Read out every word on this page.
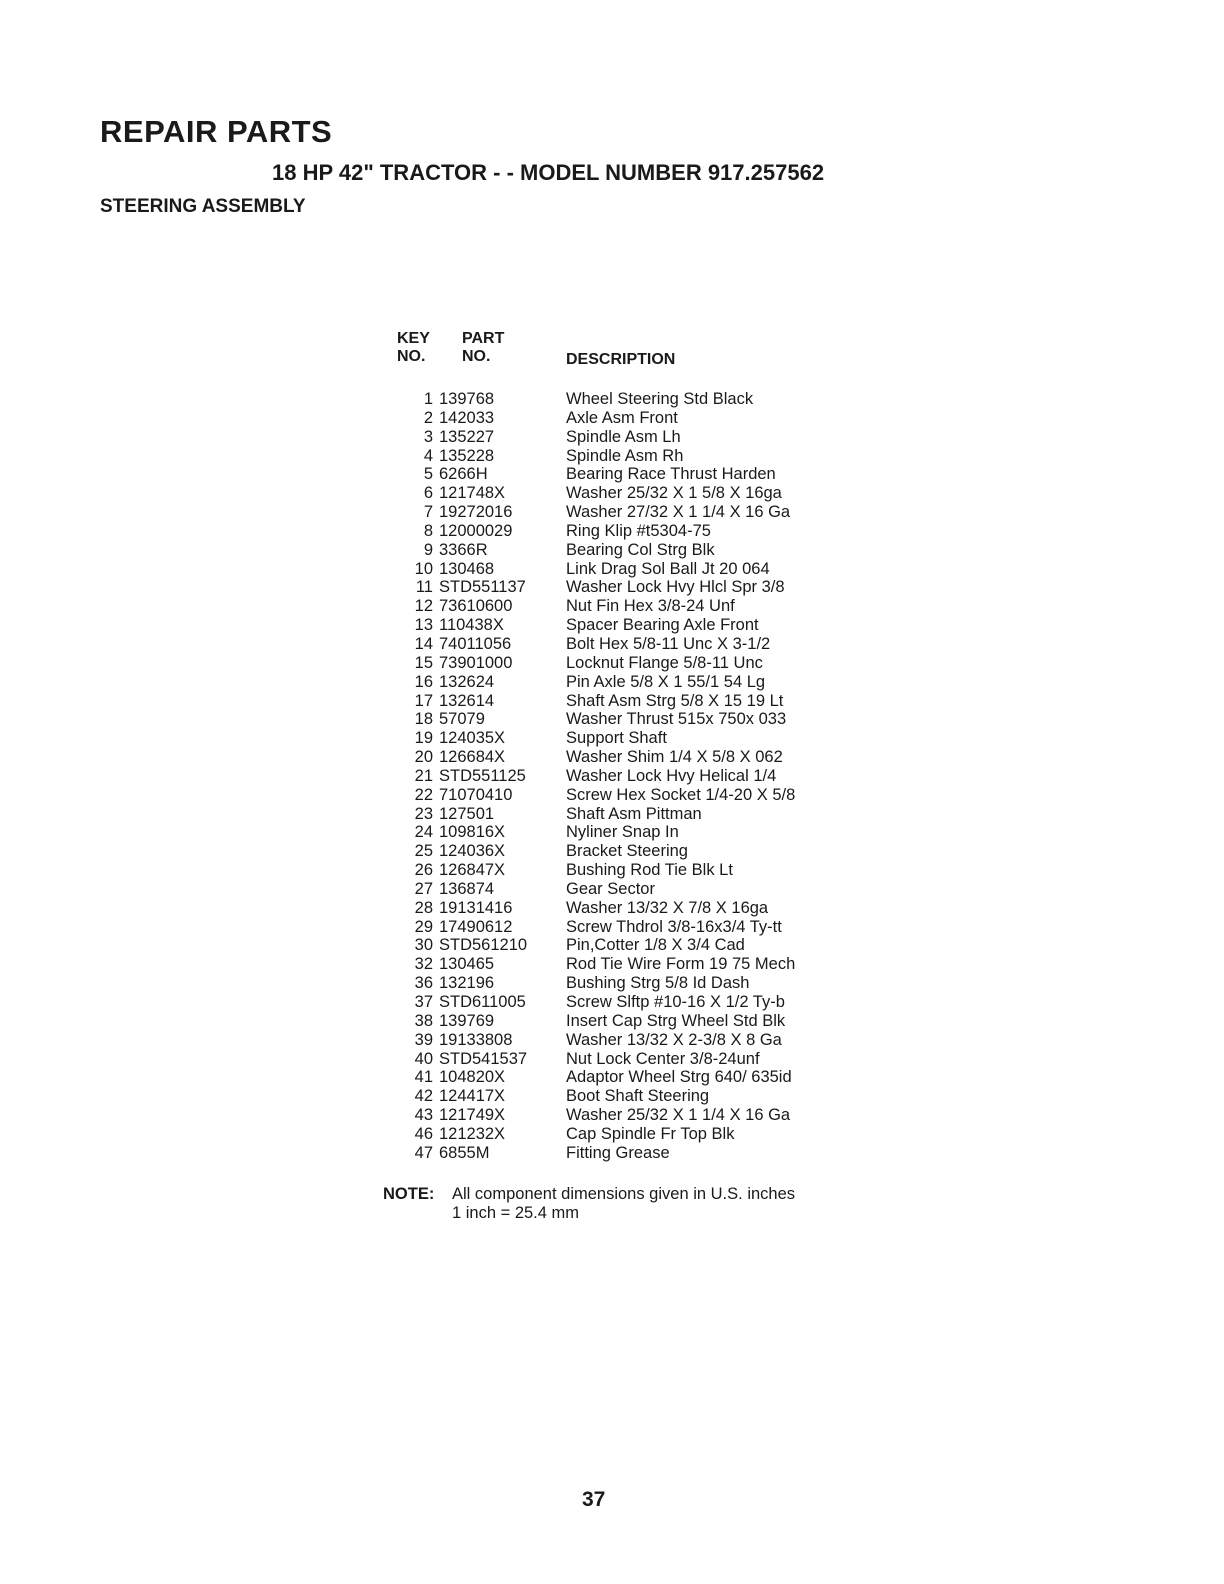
REPAIR PARTS
18 HP 42" TRACTOR - - MODEL NUMBER 917.257562
STEERING ASSEMBLY
KEY
NO.
PART
NO.	DESCRIPTION
1	139768	Wheel Steering Std Black
2	142033	Axle Asm Front
3	135227	Spindle Asm Lh
4	135228	Spindle Asm Rh
5	6266H	Bearing Race Thrust Harden
6	121748X	Washer 25/32 X 1 5/8 X 16ga
7	19272016	Washer 27/32 X 1 1/4 X 16 Ga
8	12000029	Ring Klip #t5304-75
9	3366R	Bearing Col Strg Blk
10	130468	Link Drag Sol Ball Jt 20 064
11	STD551137	Washer Lock Hvy Hlcl Spr 3/8
12	73610600	Nut Fin Hex 3/8-24 Unf
13	110438X	Spacer Bearing Axle Front
14	74011056	Bolt Hex 5/8-11 Unc X 3-1/2
15	73901000	Locknut Flange 5/8-11 Unc
16	132624	Pin Axle 5/8 X 1 55/1 54 Lg
17	132614	Shaft Asm Strg 5/8 X 15 19 Lt
18	57079	Washer Thrust 515x 750x 033
19	124035X	Support Shaft
20	126684X	Washer Shim 1/4 X 5/8 X 062
21	STD551125	Washer Lock Hvy Helical 1/4
22	71070410	Screw Hex Socket 1/4-20 X 5/8
23	127501	Shaft Asm Pittman
24	109816X	Nyliner Snap In
25	124036X	Bracket Steering
26	126847X	Bushing Rod Tie Blk Lt
27	136874	Gear Sector
28	19131416	Washer 13/32 X 7/8 X 16ga
29	17490612	Screw Thdrol 3/8-16x3/4 Ty-tt
30	STD561210	Pin,Cotter 1/8 X 3/4 Cad
32	130465	Rod Tie Wire Form 19 75 Mech
36	132196	Bushing Strg 5/8 Id Dash
37	STD611005	Screw Slftp #10-16 X 1/2 Ty-b
38	139769	Insert Cap Strg Wheel Std Blk
39	19133808	Washer 13/32 X 2-3/8 X 8 Ga
40	STD541537	Nut Lock Center 3/8-24unf
41	104820X	Adaptor Wheel Strg 640/ 635id
42	124417X	Boot Shaft Steering
43	121749X	Washer 25/32 X 1 1/4 X 16 Ga
46	121232X	Cap Spindle Fr Top Blk
47	6855M	Fitting Grease
NOTE: All component dimensions given in U.S. inches
1 inch = 25.4 mm
37
